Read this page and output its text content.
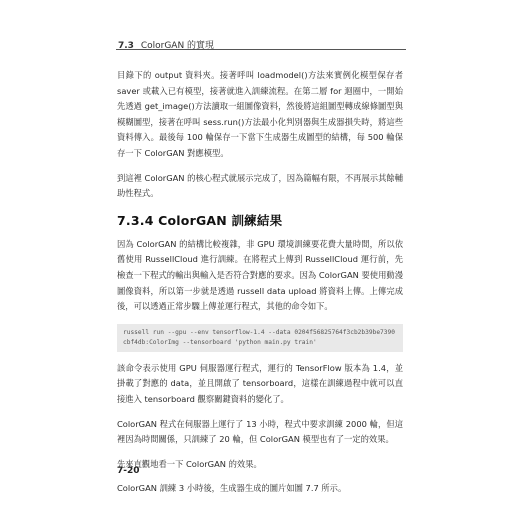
7.3 ColorGAN 的實現

目錄下的 output 資料夾。接著呼叫 loadmodel()方法來實例化模型保存者 saver 或載入已有模型，接著就進入訓練流程。在第二層 for 迴圈中，一開始先透過 get_image()方法讀取一組圖像資料，然後將這組圖型轉成線條圖型與模糊圖型，接著在呼叫 sess.run()方法最小化判別器與生成器損失時，將這些資料傳入。最後每 100 輪保存一下當下生成器生成圖型的結構，每 500 輪保存一下 ColorGAN 對應模型。

到這裡 ColorGAN 的核心程式就展示完成了，因為篇幅有限，不再展示其餘輔助性程式。

7.3.4 ColorGAN 訓練結果

因為 ColorGAN 的結構比較複雜，非 GPU 環境訓練要花費大量時間，所以依舊使用 RussellCloud 進行訓練。在將程式上傳到 RussellCloud 運行前，先檢查一下程式的輸出與輸入是否符合對應的要求。因為 ColorGAN 要使用動漫圖像資料，所以第一步就是透過 russell data upload 將資料上傳。上傳完成後，可以透過正常步驟上傳並運行程式，其他的命令如下。

russell run --gpu --env tensorflow-1.4 --data 0204f56825764f3cb2b39be7390cbf4db:ColorImg --tensorboard 'python main.py train'

該命令表示使用 GPU 伺服器運行程式，運行的 TensorFlow 版本為 1.4，並掛載了對應的 data，並且開啟了 tensorboard，這樣在訓練過程中就可以直接進入 tensorboard 觀察關鍵資料的變化了。

ColorGAN 程式在伺服器上運行了 13 小時，程式中要求訓練 2000 輪，但這裡因為時間關係，只訓練了 20 輪，但 ColorGAN 模型也有了一定的效果。

先來直觀地看一下 ColorGAN 的效果。

ColorGAN 訓練 3 小時後，生成器生成的圖片如圖 7.7 所示。

7-20
